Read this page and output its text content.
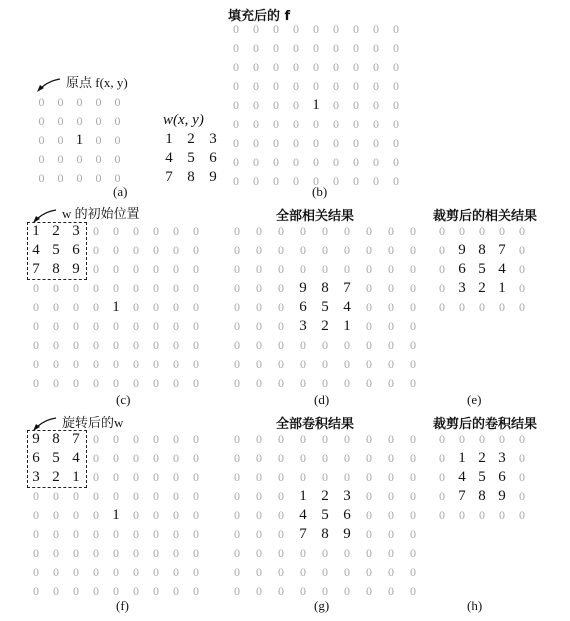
原点 f(x, y)
0	0	0	0	0
0	0	0	0	0
0	0 1	0	0
0	0	0	0	0
0	0	0	0	0
w(x, y)
1 2 3
4 5 6
7 8 9
(a)
填充后的 f
0	0	0	0	0	0	0	0	0
0	0	0	0	0	0	0	0	0
0	0	0	0	0	0	0	0	0
0	0	0	0	0	0	0	0	0
0	0	0	0 1	0	0	0	0
0	0	0	0	0	0	0	0	0
0	0	0	0	0	0	0	0	0
0	0	0	0	0	0	0	0	0
0	0	0	0	0	0	0	0	0
(b)
w 的初始位置
1 2 3	0	0	0	0	0	0
4 5 6	0	0	0	0	0	0
7 8 9	0	0	0	0	0	0
0	0	0	0	0	0	0	0	0
0	0	0	0 1	0	0	0	0
0	0	0	0	0	0	0	0	0
0	0	0	0	0	0	0	0	0
0	0	0	0	0	0	0	0	0
0	0	0	0	0	0	0	0	0
(c)
全部相关结果
0	0	0	0	0	0	0	0	0
0	0	0	0	0	0	0	0	0
0	0	0	0	0	0	0	0	0
0	0	0	9 8 7	0	0	0
0	0	0	6 5 4	0	0	0
0	0	0	3 2 1	0	0	0
0	0	0	0	0	0	0	0	0
0	0	0	0	0	0	0	0	0
0	0	0	0	0	0	0	0	0
(d)
裁剪后的相关结果
0	0	0	0	0
0 9 8 7	0
0 6 5 4	0
0 3 2 1	0
0	0	0	0	0
(e)
旋转后的w
9 8 7	0	0	0	0	0	0
6 5 4	0	0	0	0	0	0
3 2 1	0	0	0	0	0	0
0	0	0	0	0	0	0	0	0
0	0	0	0 1	0	0	0	0
0	0	0	0	0	0	0	0	0
0	0	0	0	0	0	0	0	0
0	0	0	0	0	0	0	0	0
0	0	0	0	0	0	0	0	0
(f)
全部卷积结果
0	0	0	0	0	0	0	0	0
0	0	0	0	0	0	0	0	0
0	0	0	0	0	0	0	0	0
0	0	0	1 2 3	0	0	0
0	0	0	4 5 6	0	0	0
0	0	0	7 8 9	0	0	0
0	0	0	0	0	0	0	0	0
0	0	0	0	0	0	0	0	0
0	0	0	0	0	0	0	0	0
(g)
裁剪后的卷积结果
0	0	0	0	0
0 1 2 3	0
0 4 5 6	0
0 7 8 9	0
0	0	0	0	0
(h)
